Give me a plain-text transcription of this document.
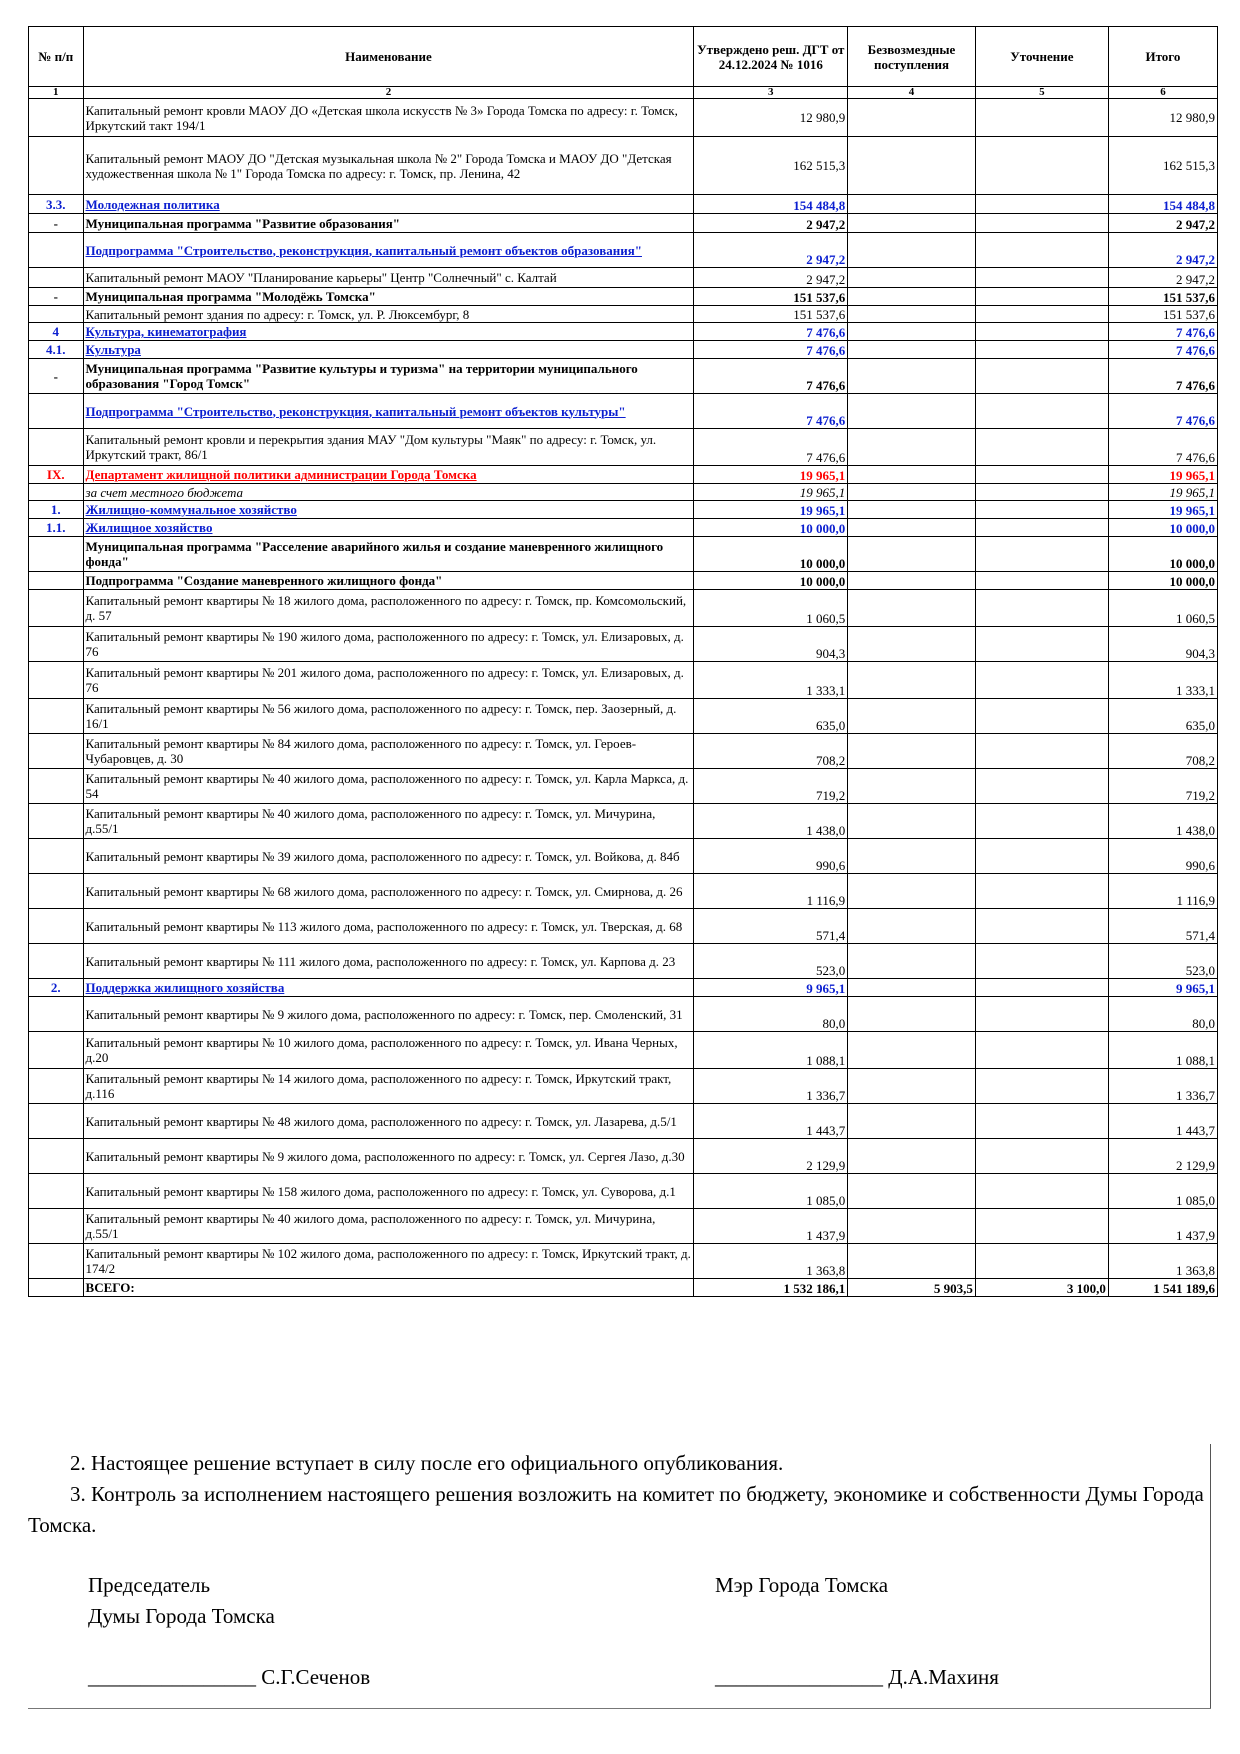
№ п/п	Наименование	Утверждено реш. ДГТ от 24.12.2024 № 1016	Безвозмездные поступления	Уточнение	Итого
1	2	3	4	5	6
	Капитальный ремонт кровли МАОУ ДО «Детская школа искусств № 3» Города Томска по адресу: г. Томск, Иркутский такт 194/1	12 980,9			12 980,9
	Капитальный ремонт МАОУ ДО "Детская музыкальная школа № 2" Города Томска и МАОУ ДО "Детская художественная школа № 1" Города Томска по адресу: г. Томск, пр. Ленина, 42	162 515,3			162 515,3
3.3.	Молодежная политика	154 484,8			154 484,8
-	Муниципальная программа "Развитие образования"	2 947,2			2 947,2
	Подпрограмма "Строительство, реконструкция, капитальный ремонт объектов образования"	2 947,2			2 947,2
	Капитальный ремонт МАОУ "Планирование карьеры" Центр "Солнечный" с. Калтай	2 947,2			2 947,2
-	Муниципальная программа "Молодёжь Томска"	151 537,6			151 537,6
	Капитальный ремонт здания по адресу: г. Томск, ул. Р. Люксембург, 8	151 537,6			151 537,6
4	Культура, кинематография	7 476,6			7 476,6
4.1.	Культура	7 476,6			7 476,6
-	Муниципальная программа "Развитие культуры и туризма" на территории муниципального образования "Город Томск"	7 476,6			7 476,6
	Подпрограмма "Строительство, реконструкция, капитальный ремонт объектов культуры"	7 476,6			7 476,6
	Капитальный ремонт кровли и перекрытия здания МАУ "Дом культуры "Маяк" по адресу: г. Томск, ул. Иркутский тракт, 86/1	7 476,6			7 476,6
IX.	Департамент жилищной политики администрации Города Томска	19 965,1			19 965,1
	за счет местного бюджета	19 965,1			19 965,1
1.	Жилищно-коммунальное хозяйство	19 965,1			19 965,1
1.1.	Жилищное хозяйство	10 000,0			10 000,0
	Муниципальная программа "Расселение аварийного жилья и создание маневренного жилищного фонда"	10 000,0			10 000,0
	Подпрограмма "Создание маневренного жилищного фонда"	10 000,0			10 000,0
	Капитальный ремонт квартиры № 18 жилого дома, расположенного по адресу: г. Томск, пр. Комсомольский, д. 57	1 060,5			1 060,5
	Капитальный ремонт квартиры № 190 жилого дома, расположенного по адресу: г. Томск, ул. Елизаровых, д. 76	904,3			904,3
	Капитальный ремонт квартиры № 201 жилого дома, расположенного по адресу: г. Томск, ул. Елизаровых, д. 76	1 333,1			1 333,1
	Капитальный ремонт квартиры № 56 жилого дома, расположенного по адресу: г. Томск, пер. Заозерный, д. 16/1	635,0			635,0
	Капитальный ремонт квартиры № 84 жилого дома, расположенного по адресу: г. Томск, ул. Героев-Чубаровцев, д. 30	708,2			708,2
	Капитальный ремонт квартиры № 40 жилого дома, расположенного по адресу: г. Томск, ул. Карла Маркса, д. 54	719,2			719,2
	Капитальный ремонт квартиры № 40 жилого дома, расположенного по адресу: г. Томск, ул. Мичурина, д.55/1	1 438,0			1 438,0
	Капитальный ремонт квартиры № 39 жилого дома, расположенного по адресу: г. Томск, ул. Войкова, д. 84б	990,6			990,6
	Капитальный ремонт квартиры № 68 жилого дома, расположенного по адресу: г. Томск, ул. Смирнова, д. 26	1 116,9			1 116,9
	Капитальный ремонт квартиры № 113 жилого дома, расположенного по адресу: г. Томск, ул. Тверская, д. 68	571,4			571,4
	Капитальный ремонт квартиры № 111 жилого дома, расположенного по адресу: г. Томск, ул. Карпова д. 23	523,0			523,0
2.	Поддержка жилищного хозяйства	9 965,1			9 965,1
	Капитальный ремонт квартиры № 9 жилого дома, расположенного по адресу: г. Томск, пер. Смоленский, 31	80,0			80,0
	Капитальный ремонт квартиры № 10 жилого дома, расположенного по адресу: г. Томск, ул. Ивана Черных, д.20	1 088,1			1 088,1
	Капитальный ремонт квартиры № 14 жилого дома, расположенного по адресу: г. Томск, Иркутский тракт, д.116	1 336,7			1 336,7
	Капитальный ремонт квартиры № 48 жилого дома, расположенного по адресу: г. Томск, ул. Лазарева, д.5/1	1 443,7			1 443,7
	Капитальный ремонт квартиры № 9 жилого дома, расположенного по адресу: г. Томск, ул. Сергея Лазо, д.30	2 129,9			2 129,9
	Капитальный ремонт квартиры № 158 жилого дома, расположенного по адресу: г. Томск, ул. Суворова, д.1	1 085,0			1 085,0
	Капитальный ремонт квартиры № 40 жилого дома, расположенного по адресу: г. Томск, ул. Мичурина, д.55/1	1 437,9			1 437,9
	Капитальный ремонт квартиры № 102 жилого дома, расположенного по адресу: г. Томск, Иркутский тракт, д. 174/2	1 363,8			1 363,8
	ВСЕГО:	1 532 186,1	5 903,5	3 100,0	1 541 189,6

2. Настоящее решение вступает в силу после его официального опубликования.

3. Контроль за исполнением настоящего решения возложить на комитет по бюджету, экономике и собственности Думы Города Томска.

Председатель
Думы Города Томска
Мэр Города Томска
________________ С.Г.Сеченов	________________ Д.А.Махиня
